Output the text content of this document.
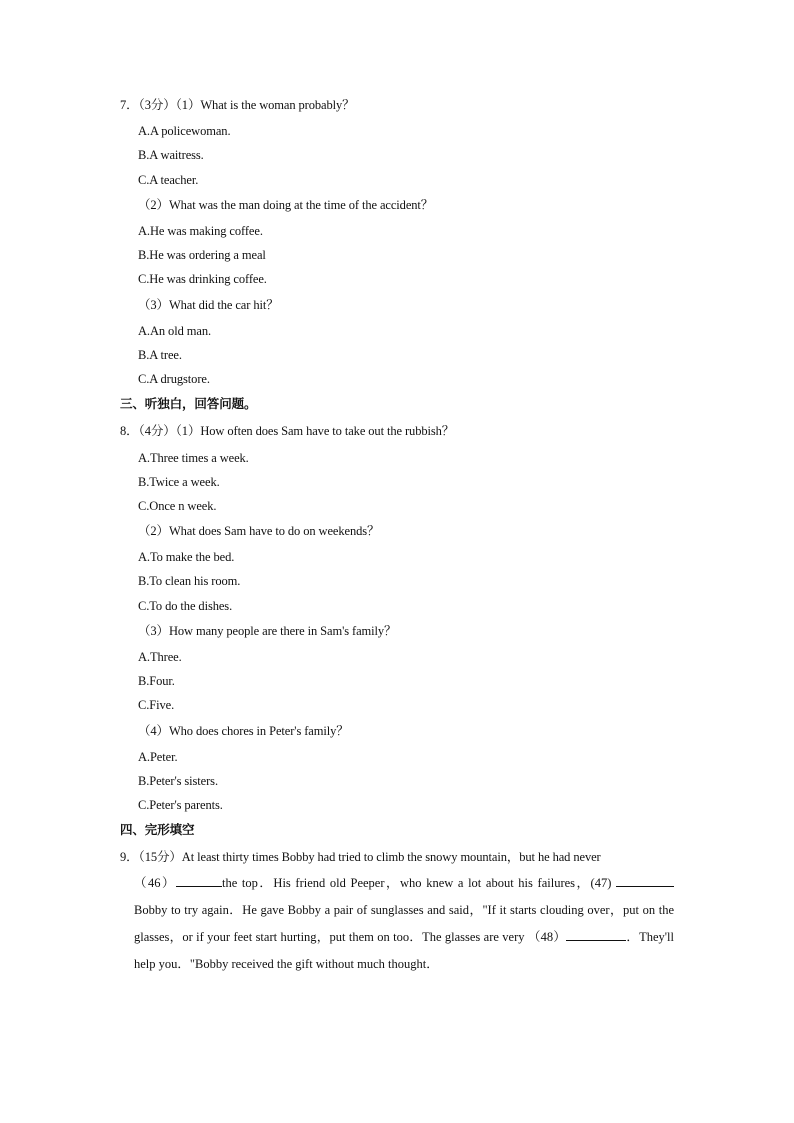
7．（3分）（1）What is the woman probably？
A.A policewoman.
B.A waitress.
C.A teacher.
（2）What was the man doing at the time of the accident？
A.He was making coffee.
B.He was ordering a meal
C.He was drinking coffee.
（3）What did the car hit？
A.An old man.
B.A tree.
C.A drugstore.
三、听独白，回答问题。
8．（4分）（1）How often does Sam have to take out the rubbish？
A.Three times a week.
B.Twice a week.
C.Once n week.
（2）What does Sam have to do on weekends？
A.To make the bed.
B.To clean his room.
C.To do the dishes.
（3）How many people are there in Sam's family？
A.Three.
B.Four.
C.Five.
（4）Who does chores in Peter's family？
A.Peter.
B.Peter's sisters.
C.Peter's parents.
四、完形填空
9．（15分）At least thirty times Bobby had tried to climb the snowy mountain，but he had never
（46）	the top．His friend old Peeper，who knew a lot about his failures，(47) Bobby to try again．He gave Bobby a pair of sunglasses and said，"If it starts clouding over，put on the glasses，or if your feet start hurting，put them on too．The glasses are very （48）	．They'll help you．"Bobby received the gift without much thought．
